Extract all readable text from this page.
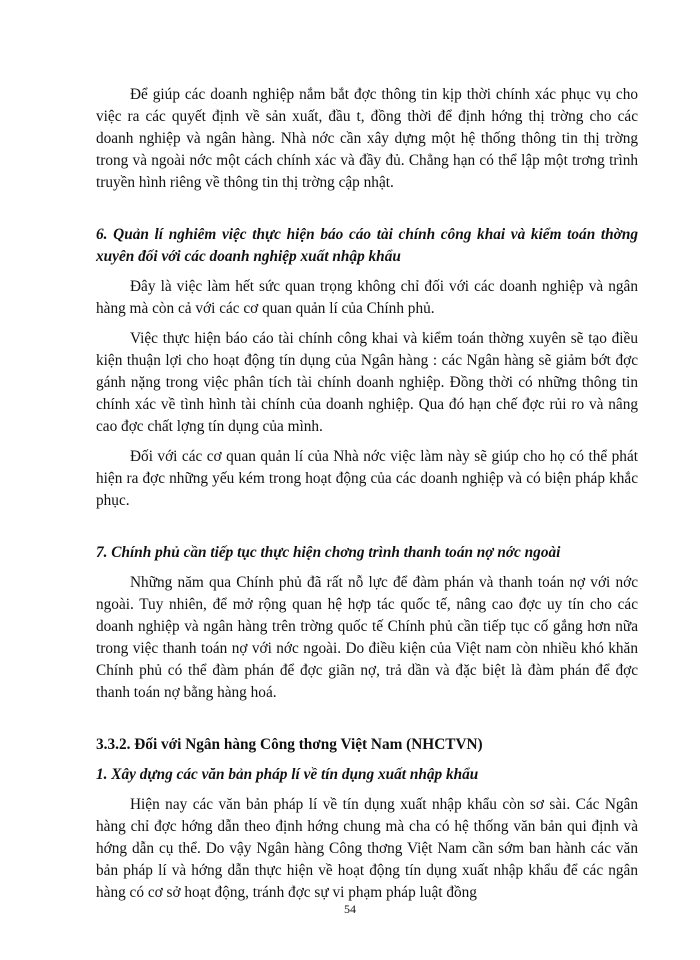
Để giúp các doanh nghiệp nắm bắt đợc thông tin kịp thời chính xác phục vụ cho việc ra các quyết định về sản xuất, đầu t, đồng thời để định hớng thị trờng cho các doanh nghiệp và ngân hàng. Nhà nớc cần xây dựng một hệ thống thông tin thị trờng trong và ngoài nớc một cách chính xác và đầy đủ. Chẳng hạn có thể lập một trơng trình truyền hình riêng về thông tin thị trờng cập nhật.

6. Quản lí nghiêm việc thực hiện báo cáo tài chính công khai và kiểm toán thờng xuyên đối với các doanh nghiệp xuất nhập khẩu

Đây là việc làm hết sức quan trọng không chỉ đối với các doanh nghiệp và ngân hàng mà còn cả với các cơ quan quản lí của Chính phủ.

Việc thực hiện báo cáo tài chính công khai và kiểm toán thờng xuyên sẽ tạo điều kiện thuận lợi cho hoạt động tín dụng của Ngân hàng : các Ngân hàng sẽ giảm bớt đợc gánh nặng trong việc phân tích tài chính doanh nghiệp. Đồng thời có những thông tin chính xác về tình hình tài chính của doanh nghiệp. Qua đó hạn chế đợc rủi ro và nâng cao đợc chất lợng tín dụng của mình.

Đối với các cơ quan quản lí của Nhà nớc việc làm này sẽ giúp cho họ có thể phát hiện ra đợc những yếu kém trong hoạt động của các doanh nghiệp và có biện pháp khắc phục.

7. Chính phủ cần tiếp tục thực hiện chơng trình thanh toán nợ nớc ngoài

Những năm qua Chính phủ đã rất nỗ lực để đàm phán và thanh toán nợ với nớc ngoài. Tuy nhiên, để mở rộng quan hệ hợp tác quốc tế, nâng cao đợc uy tín cho các doanh nghiệp và ngân hàng trên trờng quốc tế Chính phủ cần tiếp tục cố gắng hơn nữa trong việc thanh toán nợ với nớc ngoài. Do điều kiện của Việt nam còn nhiều khó khăn Chính phủ có thể đàm phán để đợc giãn nợ, trả dần và đặc biệt là đàm phán để đợc thanh toán nợ bằng hàng hoá.

3.3.2. Đối với Ngân hàng Công thơng Việt Nam (NHCTVN)
1. Xây dựng các văn bản pháp lí về tín dụng xuất nhập khẩu

Hiện nay các văn bản pháp lí về tín dụng xuất nhập khẩu còn sơ sài. Các Ngân hàng chỉ đợc hớng dẫn theo định hớng chung mà cha có hệ thống văn bản qui định và hớng dẫn cụ thể. Do vậy Ngân hàng Công thơng Việt Nam cần sớm ban hành các văn bản pháp lí và hớng dẫn thực hiện về hoạt động tín dụng xuất nhập khẩu để các ngân hàng có cơ sở hoạt động, tránh đợc sự vi phạm pháp luật đồng

54
